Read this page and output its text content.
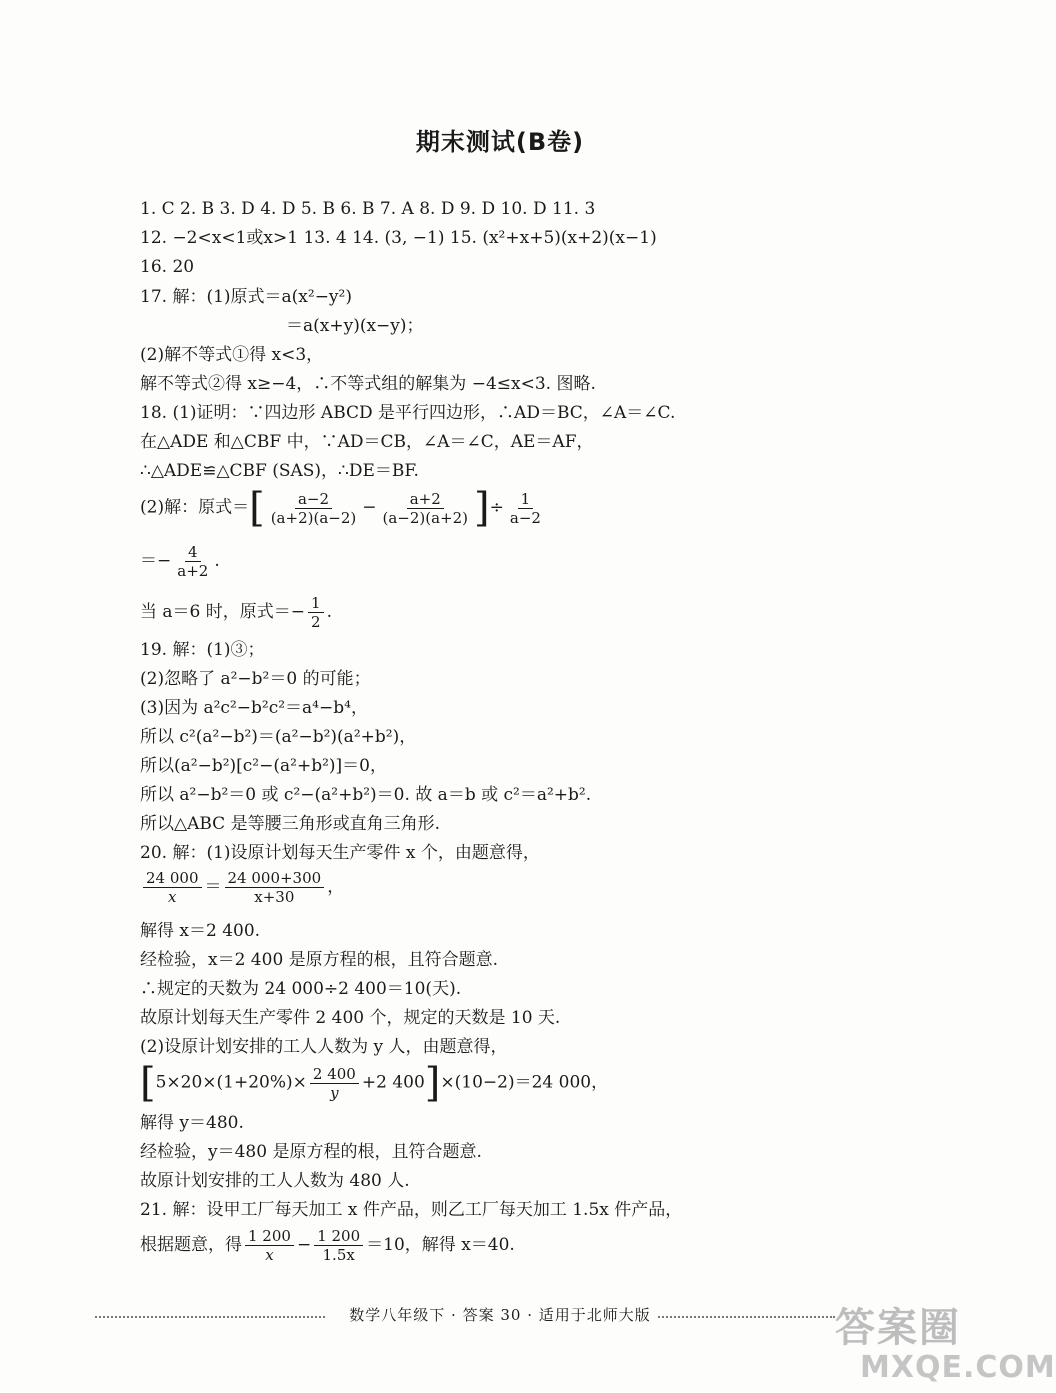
期末测试(B卷)
1. C 2. B 3. D 4. D 5. B 6. B 7. A 8. D 9. D 10. D 11. 3
12. −2<x<1或x>1 13. 4 14. (3, −1) 15. (x²+x+5)(x+2)(x−1)
16. 20
17. 解：(1)原式＝a(x²−y²)
＝a(x+y)(x−y)；
(2)解不等式①得 x<3，
解不等式②得 x≥−4，∴不等式组的解集为 −4≤x<3. 图略.
18. (1)证明：∵四边形 ABCD 是平行四边形，∴AD＝BC，∠A＝∠C.
在△ADE 和△CBF 中，∵AD＝CB，∠A＝∠C，AE＝AF，
∴△ADE≌△CBF (SAS)，∴DE＝BF.
(2)解：原式＝[ $\frac{a-2}{(a+2)(a-2)} - \frac{a+2}{(a-2)(a+2)}$ ]÷ $\frac{1}{a-2}$
＝− $\frac{4}{a+2}$ .
当 a＝6 时，原式＝− $\frac{1}{2}$ .
19. 解：(1)③；
(2)忽略了 a²−b²＝0 的可能；
(3)因为 a²c²−b²c²＝a⁴−b⁴，
所以 c²(a²−b²)＝(a²−b²)(a²+b²)，
所以(a²−b²)[c²−(a²+b²)]＝0，
所以 a²−b²＝0 或 c²−(a²+b²)＝0. 故 a＝b 或 c²＝a²+b².
所以△ABC 是等腰三角形或直角三角形.
20. 解：(1)设原计划每天生产零件 x 个，由题意得，
$\frac{24 000}{x} = \frac{24 000+300}{x+30}$ ，
解得 x＝2 400.
经检验，x＝2 400 是原方程的根，且符合题意.
∴规定的天数为 24 000÷2 400＝10(天).
故原计划每天生产零件 2 400 个，规定的天数是 10 天.
(2)设原计划安排的工人人数为 y 人，由题意得，
[$5\times 20\times(1+20\%)\times \frac{2 400}{y} +2$ 400]×(10−2)＝24 000，
解得 y＝480.
经检验，y＝480 是原方程的根，且符合题意.
故原计划安排的工人人数为 480 人.
21. 解：设甲工厂每天加工 x 件产品，则乙工厂每天加工 1.5x 件产品，
根据题意，得 $\frac{1 200}{x} - \frac{1 200}{1.5x} =10$，解得 x＝40.
数学八年级下 · 答案 30 · 适用于北师大版	答案圈
MXQE.COM
